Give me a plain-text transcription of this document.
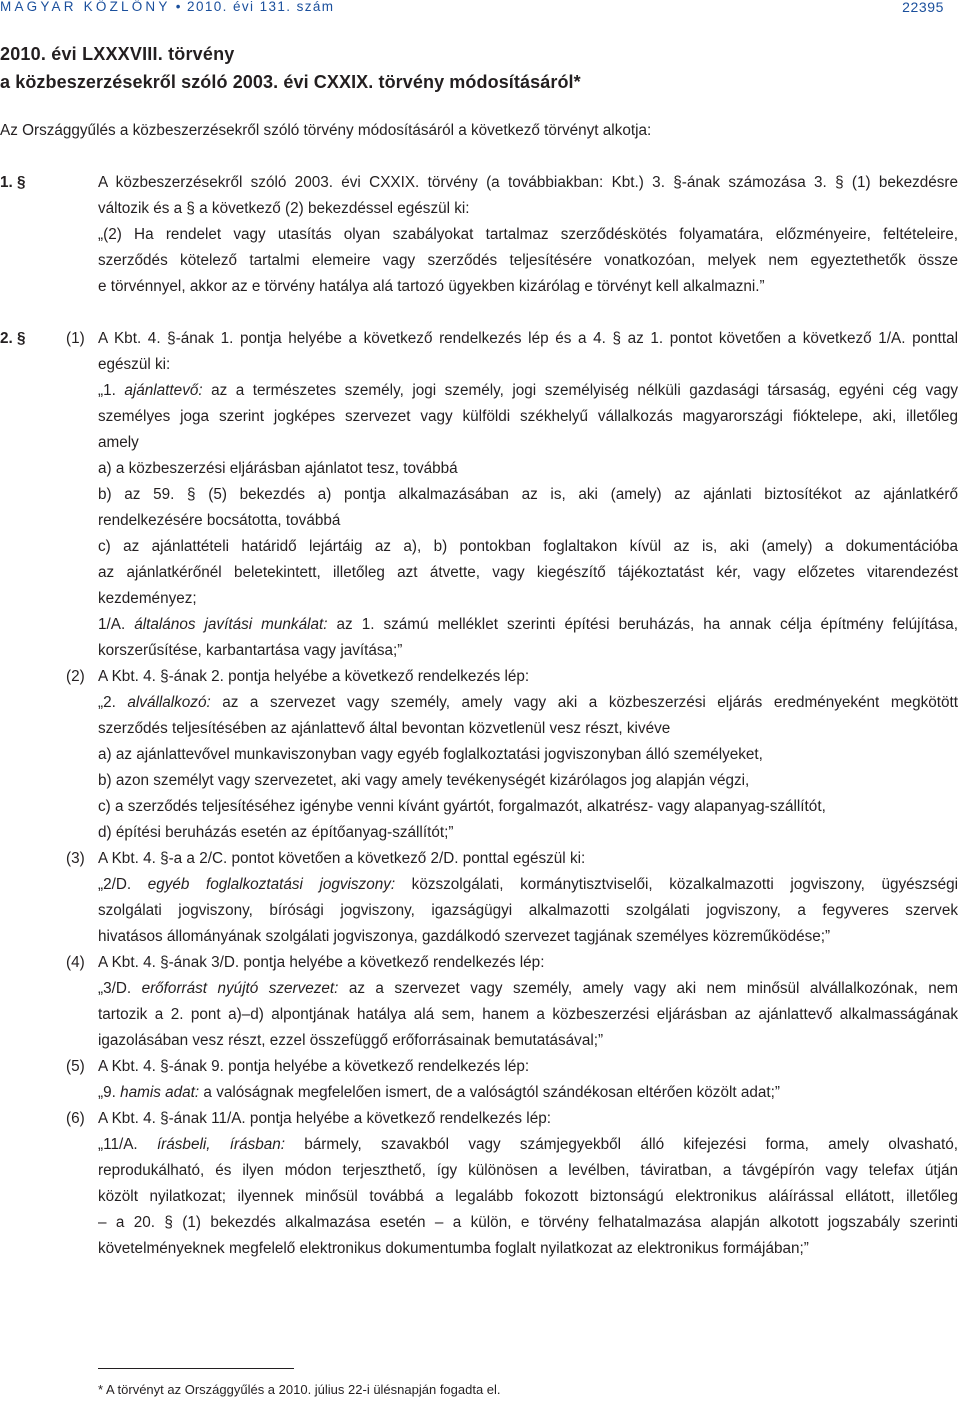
MAGYAR KÖZLÖNY • 2010. évi 131. szám	22395
2010. évi LXXXVIII. törvény
a közbeszerzésekről szóló 2003. évi CXXIX. törvény módosításáról*
Az Országgyűlés a közbeszerzésekről szóló törvény módosításáról a következő törvényt alkotja:
1. §	A közbeszerzésekről szóló 2003. évi CXXIX. törvény (a továbbiakban: Kbt.) 3. §-ának számozása 3. § (1) bekezdésre
változik és a § a következő (2) bekezdéssel egészül ki:
„(2) Ha rendelet vagy utasítás olyan szabályokat tartalmaz szerződéskötés folyamatára, előzményeire, feltételeire,
szerződés kötelező tartalmi elemeire vagy szerződés teljesítésére vonatkozóan, melyek nem egyeztethetők össze
e törvénnyel, akkor az e törvény hatálya alá tartozó ügyekben kizárólag e törvényt kell alkalmazni.”
2. §	(1) A Kbt. 4. §-ának 1. pontja helyébe a következő rendelkezés lép és a 4. § az 1. pontot követően a következő 1/A. ponttal
egészül ki:
„1. ajánlattevő: az a természetes személy, jogi személy, jogi személyiség nélküli gazdasági társaság, egyéni cég vagy
személyes joga szerint jogképes szervezet vagy külföldi székhelyű vállalkozás magyarországi fióktelepe, aki, illetőleg
amely
a) a közbeszerzési eljárásban ajánlatot tesz, továbbá
b) az 59. § (5) bekezdés a) pontja alkalmazásában az is, aki (amely) az ajánlati biztosítékot az ajánlatkérő
rendelkezésére bocsátotta, továbbá
c) az ajánlattételi határidő lejártáig az a), b) pontokban foglaltakon kívül az is, aki (amely) a dokumentációba
az ajánlatkérőnél beletekintett, illetőleg azt átvette, vagy kiegészítő tájékoztatást kér, vagy előzetes vitarendezést
kezdeményez;
1/A. általános javítási munkálat: az 1. számú melléklet szerinti építési beruházás, ha annak célja építmény felújítása,
korszerűsítése, karbantartása vagy javítása;”
(2) A Kbt. 4. §-ának 2. pontja helyébe a következő rendelkezés lép:
„2. alvállalkozó: az a szervezet vagy személy, amely vagy aki a közbeszerzési eljárás eredményeként megkötött
szerződés teljesítésében az ajánlattevő által bevontan közvetlenül vesz részt, kivéve
a) az ajánlattevővel munkaviszonyban vagy egyéb foglalkoztatási jogviszonyban álló személyeket,
b) azon személyt vagy szervezetet, aki vagy amely tevékenységét kizárólagos jog alapján végzi,
c) a szerződés teljesítéséhez igénybe venni kívánt gyártót, forgalmazót, alkatrész- vagy alapanyag-szállítót,
d) építési beruházás esetén az építőanyag-szállítót;”
(3) A Kbt. 4. §-a a 2/C. pontot követően a következő 2/D. ponttal egészül ki:
„2/D. egyéb foglalkoztatási jogviszony: közszolgálati, kormánytisztviselői, közalkalmazotti jogviszony, ügyészségi
szolgálati jogviszony, bírósági jogviszony, igazságügyi alkalmazotti szolgálati jogviszony, a fegyveres szervek
hivatásos állományának szolgálati jogviszonya, gazdálkodó szervezet tagjának személyes közreműködése;”
(4) A Kbt. 4. §-ának 3/D. pontja helyébe a következő rendelkezés lép:
„3/D. erőforrást nyújtó szervezet: az a szervezet vagy személy, amely vagy aki nem minősül alvállalkozónak, nem
tartozik a 2. pont a)–d) alpontjának hatálya alá sem, hanem a közbeszerzési eljárásban az ajánlattevő alkalmasságának
igazolásában vesz részt, ezzel összefüggő erőforrásainak bemutatásával;”
(5) A Kbt. 4. §-ának 9. pontja helyébe a következő rendelkezés lép:
„9. hamis adat: a valóságnak megfelelően ismert, de a valóságtól szándékosan eltérően közölt adat;”
(6) A Kbt. 4. §-ának 11/A. pontja helyébe a következő rendelkezés lép:
„11/A. írásbeli, írásban: bármely, szavakból vagy számjegyekből álló kifejezési forma, amely olvasható,
reprodukálható, és ilyen módon terjeszthető, így különösen a levélben, táviratban, a távgépírón vagy telefax útján
közölt nyilatkozat; ilyennek minősül továbbá a legalább fokozott biztonságú elektronikus aláírással ellátott, illetőleg
– a 20. § (1) bekezdés alkalmazása esetén – a külön, e törvény felhatalmazása alapján alkotott jogszabály szerinti
követelményeknek megfelelő elektronikus dokumentumba foglalt nyilatkozat az elektronikus formájában;”
* A törvényt az Országgyűlés a 2010. július 22-i ülésnapján fogadta el.
